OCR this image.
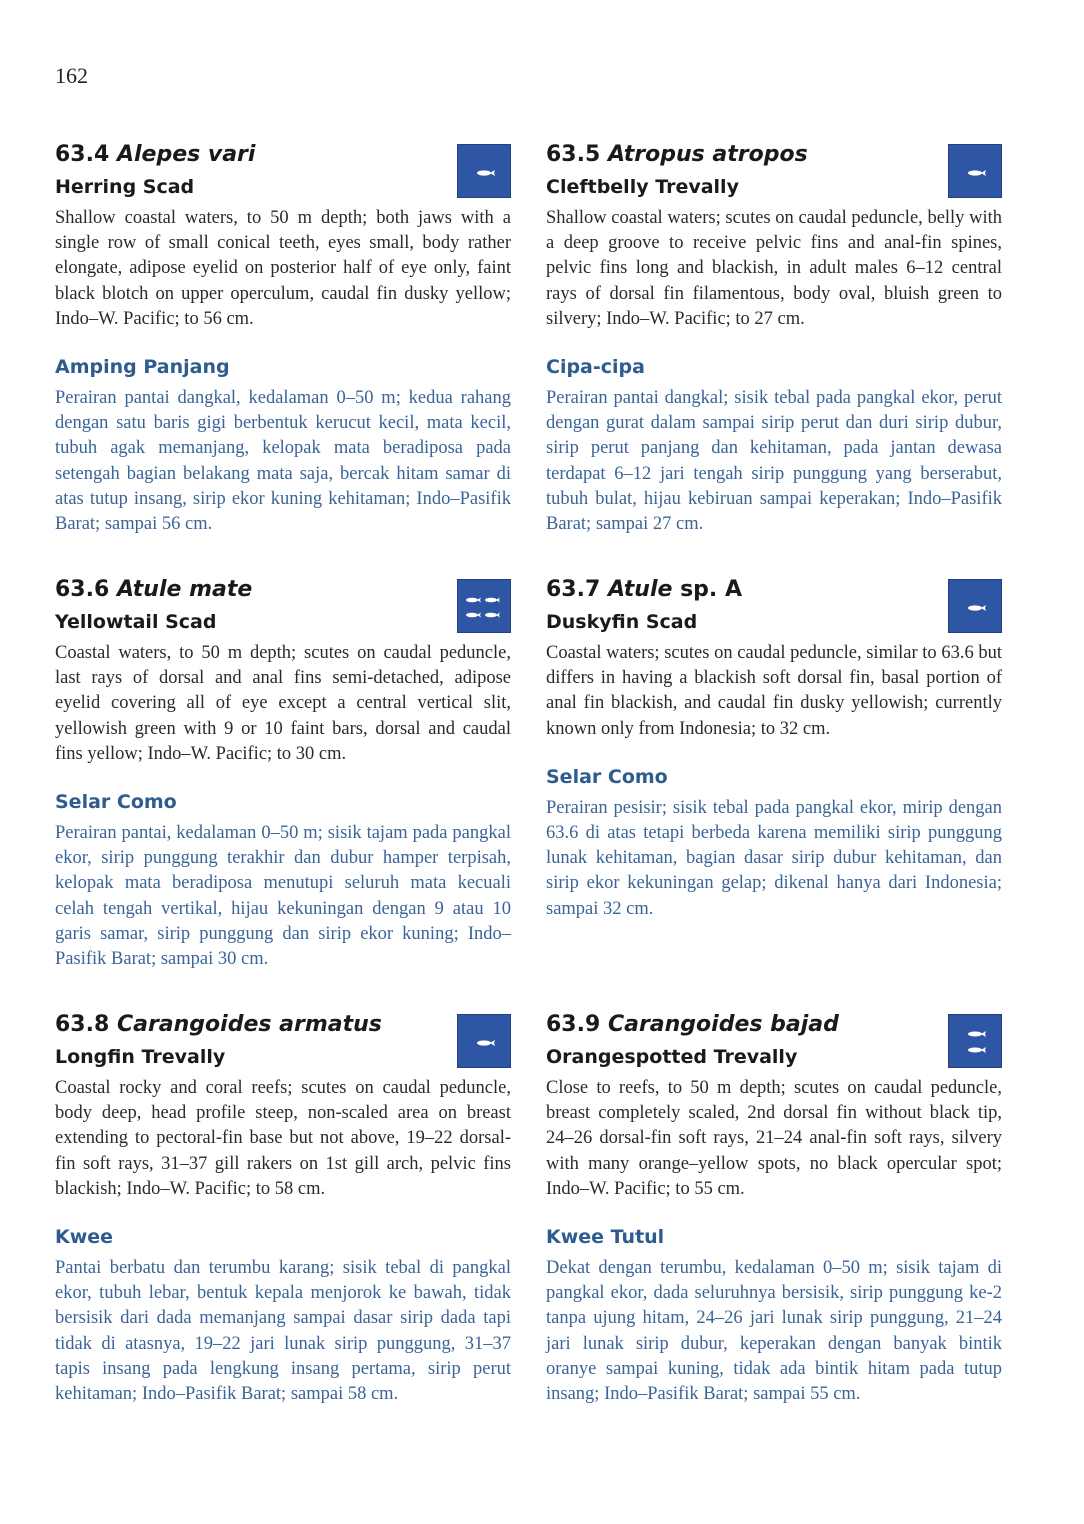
162
63.4 Alepes vari
Herring Scad
Shallow coastal waters, to 50 m depth; both jaws with a single row of small conical teeth, eyes small, body rather elongate, adipose eyelid on posterior half of eye only, faint black blotch on upper operculum, caudal fin dusky yellow; Indo–W. Pacific; to 56 cm.
Amping Panjang
Perairan pantai dangkal, kedalaman 0–50 m; kedua rahang dengan satu baris gigi berbentuk kerucut kecil, mata kecil, tubuh agak memanjang, kelopak mata beradiposa pada setengah bagian belakang mata saja, bercak hitam samar di atas tutup insang, sirip ekor kuning kehitaman; Indo–Pasifik Barat; sampai 56 cm.
63.5 Atropus atropos
Cleftbelly Trevally
Shallow coastal waters; scutes on caudal peduncle, belly with a deep groove to receive pelvic fins and anal-fin spines, pelvic fins long and blackish, in adult males 6–12 central rays of dorsal fin filamentous, body oval, bluish green to silvery; Indo–W. Pacific; to 27 cm.
Cipa-cipa
Perairan pantai dangkal; sisik tebal pada pangkal ekor, perut dengan gurat dalam sampai sirip perut dan duri sirip dubur, sirip perut panjang dan kehitaman, pada jantan dewasa terdapat 6–12 jari tengah sirip punggung yang berserabut, tubuh bulat, hijau kebiruan sampai keperakan; Indo–Pasifik Barat; sampai 27 cm.
63.6 Atule mate
Yellowtail Scad
Coastal waters, to 50 m depth; scutes on caudal peduncle, last rays of dorsal and anal fins semi-detached, adipose eyelid covering all of eye except a central vertical slit, yellowish green with 9 or 10 faint bars, dorsal and caudal fins yellow; Indo–W. Pacific; to 30 cm.
Selar Como
Perairan pantai, kedalaman 0–50 m; sisik tajam pada pangkal ekor, sirip punggung terakhir dan dubur hamper terpisah, kelopak mata beradiposa menutupi seluruh mata kecuali celah tengah vertikal, hijau kekuningan dengan 9 atau 10 garis samar, sirip punggung dan sirip ekor kuning; Indo–Pasifik Barat; sampai 30 cm.
63.7 Atule sp. A
Duskyfin Scad
Coastal waters; scutes on caudal peduncle, similar to 63.6 but differs in having a blackish soft dorsal fin, basal portion of anal fin blackish, and caudal fin dusky yellowish; currently known only from Indonesia; to 32 cm.
Selar Como
Perairan pesisir; sisik tebal pada pangkal ekor, mirip dengan 63.6 di atas tetapi berbeda karena memiliki sirip punggung lunak kehitaman, bagian dasar sirip dubur kehitaman, dan sirip ekor kekuningan gelap; dikenal hanya dari Indonesia; sampai 32 cm.
63.8 Carangoides armatus
Longfin Trevally
Coastal rocky and coral reefs; scutes on caudal peduncle, body deep, head profile steep, non-scaled area on breast extending to pectoral-fin base but not above, 19–22 dorsal-fin soft rays, 31–37 gill rakers on 1st gill arch, pelvic fins blackish; Indo–W. Pacific; to 58 cm.
Kwee
Pantai berbatu dan terumbu karang; sisik tebal di pangkal ekor, tubuh lebar, bentuk kepala menjorok ke bawah, tidak bersisik dari dada memanjang sampai dasar sirip dada tapi tidak di atasnya, 19–22 jari lunak sirip punggung, 31–37 tapis insang pada lengkung insang pertama, sirip perut kehitaman; Indo–Pasifik Barat; sampai 58 cm.
63.9 Carangoides bajad
Orangespotted Trevally
Close to reefs, to 50 m depth; scutes on caudal peduncle, breast completely scaled, 2nd dorsal fin without black tip, 24–26 dorsal-fin soft rays, 21–24 anal-fin soft rays, silvery with many orange–yellow spots, no black opercular spot; Indo–W. Pacific; to 55 cm.
Kwee Tutul
Dekat dengan terumbu, kedalaman 0–50 m; sisik tajam di pangkal ekor, dada seluruhnya bersisik, sirip punggung ke-2 tanpa ujung hitam, 24–26 jari lunak sirip punggung, 21–24 jari lunak sirip dubur, keperakan dengan banyak bintik oranye sampai kuning, tidak ada bintik hitam pada tutup insang; Indo–Pasifik Barat; sampai 55 cm.
